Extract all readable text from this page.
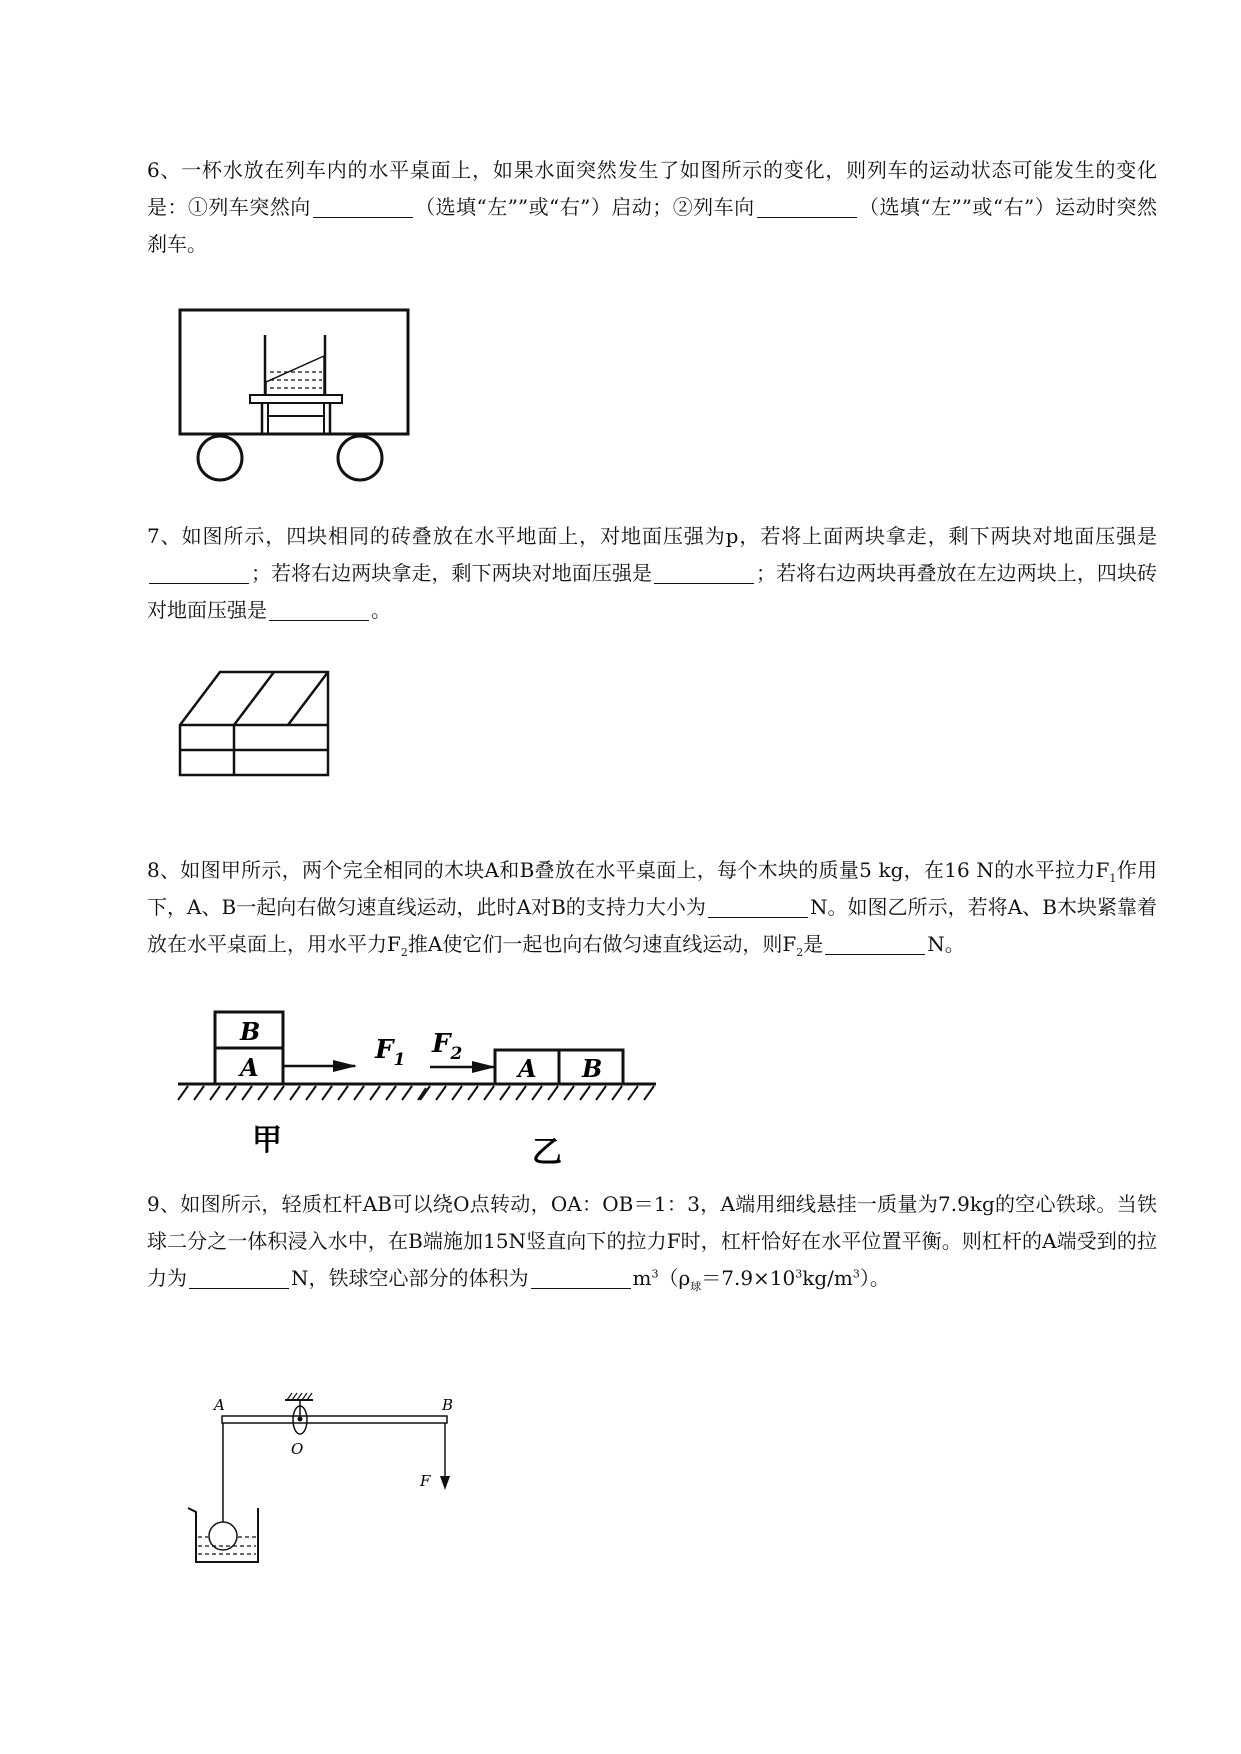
6、一杯水放在列车内的水平桌面上，如果水面突然发生了如图所示的变化，则列车的运动状态可能发生的变化是：①列车突然向	（选填“左””或“右”）启动；②列车向	（选填“左””或“右”）运动时突然刹车。
7、如图所示，四块相同的砖叠放在水平地面上，对地面压强为p，若将上面两块拿走，剩下两块对地面压强是；若将右边两块拿走，剩下两块对地面压强是	；若将右边两块再叠放在左边两块上，四块砖对地面压强是	。
8、如图甲所示，两个完全相同的木块A和B叠放在水平桌面上，每个木块的质量5 kg，在16 N的水平拉力$F_1$作用下，A、B一起向右做匀速直线运动，此时A对B的支持力大小为	N。如图乙所示，若将A、B木块紧靠着放在水平桌面上，用水平力$F_2$推A使它们一起也向右做匀速直线运动，则$F_2$是	N。
B
A
$F_1$	A B
$F_2$
甲	乙
9、如图所示，轻质杠杆AB可以绕O点转动，OA：OB＝1：3，A端用细线悬挂一质量为7.9kg的空心铁球。当铁球二分之一体积浸入水中，在B端施加15N竖直向下的拉力F时，杠杆恰好在水平位置平衡。则杠杆的A端受到的拉力为	N，铁球空心部分的体积为	$m^3(\rho_球=7.9\times 10^3kg/m^3)$。
A	B
O
F
